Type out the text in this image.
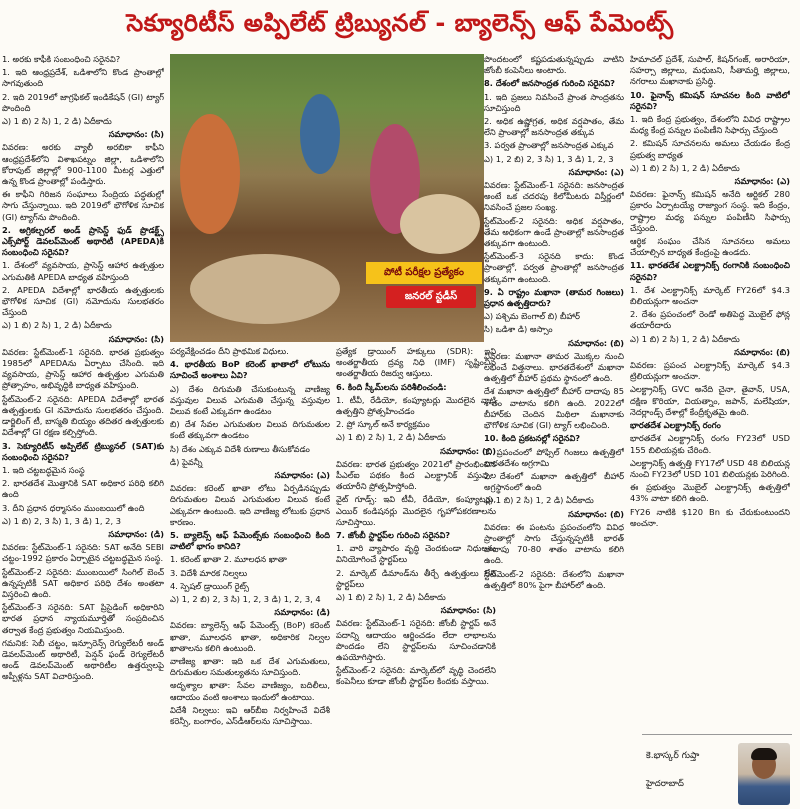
సెక్యూరిటీస్ అప్పిలేట్ ట్రిబ్యునల్ - బ్యాలెన్స్ ఆఫ్ పేమెంట్స్

1. అరకు కాఫీకి సంబంధించి సరైనవి?

1. ఇది ఆంధ్రప్రదేశ్, ఒడిశాలోని కొండ ప్రాంతాల్లో సాగవుతుంది

2. ఇది 2019లో జాగ్రఫికల్ ఇండికేషన్ (GI) ట్యాగ్‌ పొందింది

ఎ) 1 బి) 2 సి) 1, 2 డి) ఏదీకాదు

సమాధానం: (సి)

వివరణ: అరకు వ్యాలీ అరబికా కాఫీని ఆంధ్రప్రదేశ్‌లోని విశాఖపట్నం జిల్లా, ఒడిశాలోని కోరాపుట్ జిల్లాల్లో 900-1100 మీటర్ల ఎత్తులో ఉన్న కొండ ప్రాంతాల్లో పండిస్తారు.

ఈ కాఫీని గిరిజన సంఘాలు సేంద్రియ పద్ధతుల్లో సాగు చేస్తున్నాయి. ఇది 2019లో భౌగోళిక సూచిక (GI) ట్యాగ్‌ను పొందింది.

2. అగ్రికల్చరల్ అండ్ ప్రాసెస్డ్ ఫుడ్ ప్రొడక్ట్స్ ఎక్స్‌పోర్ట్ డెవలప్‌మెంట్ అథారిటీ (APEDA)కి సంబంధించి సరైనవి?

1. దేశంలో వ్యవసాయ, ప్రాసెస్డ్ ఆహార ఉత్పత్తుల ఎగుమతికి APEDA బాధ్యత వహిస్తుంది

2. APEDA విదేశాల్లో భారతీయ ఉత్పత్తులకు భౌగోళిక సూచిక (GI) నమోదును సులభతరం చేస్తుంది

ఎ) 1 బి) 2 సి) 1, 2 డి) ఏదీకాదు

సమాధానం: (సి)

వివరణ: స్టేట్‌మెంట్-1 సరైనది. భారత ప్రభుత్వం 1985లో APEDAను ఏర్పాటు చేసింది. ఇది వ్యవసాయ, ప్రాసెస్డ్ ఆహార ఉత్పత్తుల ఎగుమతి ప్రోత్సాహం, అభివృద్ధికి బాధ్యత వహిస్తుంది.

స్టేట్‌మెంట్-2 సరైనది: APEDA విదేశాల్లో భారత ఉత్పత్తులకు GI నమోదును సులభతరం చేస్తుంది. డార్జిలింగ్ టీ, బాస్మతి బియ్యం తదితర ఉత్పత్తులకు విదేశాల్లో GI రక్షణ కల్పిస్తోంది.

3. సెక్యూరిటీస్ అప్పిలేట్ ట్రిబ్యునల్ (SAT)కు సంబంధించి సరైనవి?

1. ఇది చట్టబద్ధమైన సంస్థ

2. భారతదేశ మొత్తానికి SAT అధికార పరిధి కలిగి ఉంది

3. దీని ప్రధాన ధర్మాసనం ముంబయిలో ఉంది

ఎ) 1 బి) 2, 3 సి) 1, 3 డి) 1, 2, 3

సమాధానం: (డి)

వివరణ: స్టేట్‌మెంట్-1 సరైనది: SAT అనేది SEBI చట్టం-1992 ప్రకారం ఏర్పాటైన చట్టబద్ధమైన సంస్థ.

స్టేట్‌మెంట్-2 సరైనది: ముంబయిలో సింగిల్ బెంచ్ ఉన్నప్పటికీ SAT అధికార పరిధి దేశం అంతటా విస్తరించి ఉంది.

స్టేట్‌మెంట్-3 సరైనది: SAT ప్రిసైడింగ్ అధికారిని భారత ప్రధాన న్యాయమూర్తితో సంప్రదించిన తర్వాత కేంద్ర ప్రభుత్వం నియమిస్తుంది.

గమనిక: సెబీ చట్టం, ఇన్సూరెన్స్ రెగ్యులేటరీ అండ్ డెవలప్‌మెంట్ అథారిటీ, పెన్షన్ ఫండ్ రెగ్యులేటరీ అండ్ డెవలప్‌మెంట్ అథారిటీల ఉత్తర్వులపై అప్పీళ్లను SAT విచారిస్తుంది.

పోటీ పరీక్షల ప్రత్యేకం
జనరల్ స్టడీస్

పర్యవేక్షించడం దీని ప్రాథమిక విధులు.

4. భారతీయ BoP కరెంట్ ఖాతాలో లోటును సూచించే అంశాలు ఏవి?

ఎ) దేశం దిగుమతి చేసుకుంటున్న వాణిజ్య వస్తువుల విలువ ఎగుమతి చేస్తున్న వస్తువుల విలువ కంటే ఎక్కువగా ఉండటం

బి) దేశ సేవల ఎగుమతుల విలువ దిగుమతుల కంటే తక్కువగా ఉండటం

సి) దేశం ఎక్కువ విదేశీ రుణాలు తీసుకోవడం

డి) పైవన్నీ

సమాధానం: (ఎ)

వివరణ: కరెంట్ ఖాతా లోటు ఏర్పడినప్పుడు దిగుమతుల విలువ ఎగుమతుల విలువ కంటే ఎక్కువగా ఉంటుంది. ఇది వాణిజ్య లోటుకు ప్రధాన కారణం.

5. బ్యాలెన్స్ ఆఫ్ పేమెంట్స్‌కు సంబంధించి కింది వాటిలో భాగం కానిది?

1. కరెంట్ ఖాతా 2. మూలధన ఖాతా

3. విదేశీ మారక నిల్వలు

4. స్పెషల్ డ్రాయింగ్ రైట్స్

ఎ) 1, 2 బి) 2, 3 సి) 1, 2, 3 డి) 1, 2, 3, 4

సమాధానం: (డి)

వివరణ: బ్యాలెన్స్ ఆఫ్ పేమెంట్స్ (BoP) కరెంట్ ఖాతా, మూలధన ఖాతా, అధికారిక నిల్వల ఖాతాలను కలిగి ఉంటుంది.

వాణిజ్య ఖాతా: ఇది ఒక దేశ ఎగుమతులు, దిగుమతుల సమతుల్యతను సూచిస్తుంది.

అదృశ్యాల ఖాతా: సేవల వాణిజ్యం, బదిలీలు, ఆదాయం వంటి అంశాలు ఇందులో ఉంటాయి.

విదేశీ నిల్వలు: ఇవి ఆర్‌బీఐ నిర్వహించే విదేశీ కరెన్సీ, బంగారం, ఎస్‌డీఆర్‌లను సూచిస్తాయి.

ప్రత్యేక డ్రాయింగ్ హక్కులు (SDR): ఇవి అంతర్జాతీయ ద్రవ్య నిధి (IMF) సృష్టించిన అంతర్జాతీయ రిజర్వు ఆస్తులు.

6. కింది స్కీమ్‌లను పరిశీలించండి:

1. టీవీ, రేడియో, కంప్యూటర్లు మొదలైన వాటి ఉత్పత్తిని ప్రోత్సహించడం

2. ప్రో స్కూల్ అనే కార్యక్రమం

ఎ) 1 బి) 2 సి) 1, 2 డి) ఏదీకాదు

సమాధానం: (బి)

వివరణ: భారత ప్రభుత్వం 2021లో ప్రారంభించిన పీఎల్‌ఐ పథకం కింద ఎలక్ట్రానిక్ వస్తువుల తయారీని ప్రోత్సహిస్తోంది.

వైట్ గూడ్స్: ఇవి టీవీ, రేడియో, కంప్యూటర్లు, ఎయిర్ కండిషనర్లు మొదలైన గృహోపకరణాలను సూచిస్తాయి.

7. జోంబీ స్టార్టప్‌ల గురించి సరైనవి?

1. వారి వ్యాపారం వృద్ధి చెందకుండా నిధులను వినియోగించే స్టార్టప్‌లు

2. మార్కెట్ డిమాండ్‌ను తీర్చే ఉత్పత్తులు లేని స్టార్టప్‌లు

ఎ) 1 బి) 2 సి) 1, 2 డి) ఏదీకాదు

సమాధానం: (సి)

వివరణ: స్టేట్‌మెంట్-1 సరైనది: జోంబీ స్టార్టప్ అనే పదాన్ని ఆదాయం ఆర్జించడం లేదా లాభాలను పొందడం లేని స్టార్టప్‌లను సూచించడానికి ఉపయోగిస్తారు.

స్టేట్‌మెంట్-2 సరైనది: మార్కెట్‌లో వృద్ధి చెందలేని కంపెనీలు కూడా జోంబీ స్టార్టప్‌ల కిందకు వస్తాయి.

పొందటంలో కష్టపడుతున్నప్పుడు వాటిని జోంబీ కంపెనీలు అంటారు.

8. దేశంలో జనసాంద్రత గురించి సరైనవి?

1. ఇది ప్రజలు నివసించే ప్రాంత సాంద్రతను సూచిస్తుంది

2. అధిక ఉష్ణోగ్రత, అధిక వర్షపాతం, తేమ లేని ప్రాంతాల్లో జనసాంద్రత తక్కువ

3. పర్వత ప్రాంతాల్లో జనసాంద్రత ఎక్కువ

ఎ) 1, 2 బి) 2, 3 సి) 1, 3 డి) 1, 2, 3

సమాధానం: (ఎ)

వివరణ: స్టేట్‌మెంట్-1 సరైనది: జనసాంద్రత అంటే ఒక చదరపు కిలోమీటరు విస్తీర్ణంలో నివసించే ప్రజల సంఖ్య.

స్టేట్‌మెంట్-2 సరైనది: అధిక వర్షపాతం, తేమ అధికంగా ఉండే ప్రాంతాల్లో జనసాంద్రత తక్కువగా ఉంటుంది.

స్టేట్‌మెంట్-3 సరైనది కాదు: కొండ ప్రాంతాల్లో, పర్వత ప్రాంతాల్లో జనసాంద్రత తక్కువగా ఉంటుంది.

9. ఏ రాష్ట్రం మఖానా (తామర గింజలు) ప్రధాన ఉత్పత్తిదారు?

ఎ) పశ్చిమ బెంగాల్ బి) బీహార్

సి) ఒడిశా డి) అస్సాం

సమాధానం: (బి)

వివరణ: మఖానా తామర మొక్కల నుంచి లభించే విత్తనాలు. భారతదేశంలో మఖానా ఉత్పత్తిలో బీహార్ ప్రథమ స్థానంలో ఉంది.

దేశ మఖానా ఉత్పత్తిలో బీహార్ దాదాపు 85 శాతం వాటాను కలిగి ఉంది. 2022లో బీహార్‌కు చెందిన మిథిలా మఖానాకు భౌగోళిక సూచిక (GI) ట్యాగ్ లభించింది.

10. కింది ప్రకటనల్లో సరైనవి?

1. ప్రపంచంలో పోఫ్సిల్ గింజలు ఉత్పత్తిలో భారతదేశం అగ్రగామి

2. దేశంలో మఖానా ఉత్పత్తిలో బీహార్ అగ్రస్థానంలో ఉంది

ఎ) 1 బి) 2 సి) 1, 2 డి) ఏదీకాదు

సమాధానం: (బి)

వివరణ: ఈ పంటను ప్రపంచంలోని వివిధ ప్రాంతాల్లో సాగు చేస్తున్నప్పటికీ భారత్ దాదాపు 70-80 శాతం వాటాను కలిగి ఉంది.

స్టేట్‌మెంట్-2 సరైనది: దేశంలోని మఖానా ఉత్పత్తిలో 80% పైగా బీహార్‌లో ఉంది.

హిమాచల్ ప్రదేశ్, సుపాల్, కిషన్‌గంజ్, అరారియా, సహర్సా జిల్లాలు, మధుబని, సీతామర్హి జిల్లాలు, నగరాలు మఖానాకు ప్రసిద్ధి.

10. ఫైనాన్స్ కమిషన్‌ సూచనల కింది వాటిలో సరైనవి?

1. ఇది కేంద్ర ప్రభుత్వం, దేశంలోని వివిధ రాష్ట్రాల మధ్య కేంద్ర పన్నుల పంపిణీని సిఫార్సు చేస్తుంది

2. కమిషన్ సూచనలను అమలు చేయడం కేంద్ర ప్రభుత్వ బాధ్యత

ఎ) 1 బి) 2 సి) 1, 2 డి) ఏదీకాదు

సమాధానం: (ఎ)

వివరణ: ఫైనాన్స్ కమిషన్ అనేది ఆర్టికల్ 280 ప్రకారం ఏర్పాటయ్యే రాజ్యాంగ సంస్థ. ఇది కేంద్రం, రాష్ట్రాల మధ్య పన్నుల పంపిణీని సిఫార్సు చేస్తుంది.

ఆర్థిక సంఘం చేసిన సూచనలు అమలు చేయాల్సిన బాధ్యత కేంద్రంపై ఉండదు.

11. భారతదేశ ఎలక్ట్రానిక్స్ రంగానికి సంబంధించి సరైనవి?

1. దేశ ఎలక్ట్రానిక్స్ మార్కెట్ FY26లో $4.3 బిలియన్లుగా అంచనా

2. దేశం ప్రపంచంలో రెండో అతిపెద్ద మొబైల్ ఫోన్ల తయారీదారు

ఎ) 1 బి) 2 సి) 1, 2 డి) ఏదీకాదు

సమాధానం: (బి)

వివరణ: ప్రపంచ ఎలక్ట్రానిక్స్ మార్కెట్ $4.3 ట్రిలియన్లుగా అంచనా.

ఎలక్ట్రానిక్స్ GVC అనేది చైనా, తైవాన్, USA, దక్షిణ కొరియా, వియత్నాం, జపాన్, మలేషియా, నెదర్లాండ్స్ దేశాల్లో కేంద్రీకృతమై ఉంది.

భారతదేశ ఎలక్ట్రానిక్స్ రంగం

భారతదేశ ఎలక్ట్రానిక్స్ రంగం FY23లో USD 155 బిలియన్లకు చేరింది.

ఎలక్ట్రానిక్స్ ఉత్పత్తి FY17లో USD 48 బిలియన్ల నుంచి FY23లో USD 101 బిలియన్లకు పెరిగింది.

ఈ ప్రభుత్వం మొబైల్ ఎలక్ట్రానిక్స్ ఉత్పత్తిలో 43% వాటా కలిగి ఉంది.

FY26 నాటికి $120 Bn కు చేరుకుంటుందని అంచనా.

కె.భాస్కర్ గుప్తా
హైదరాబాద్
